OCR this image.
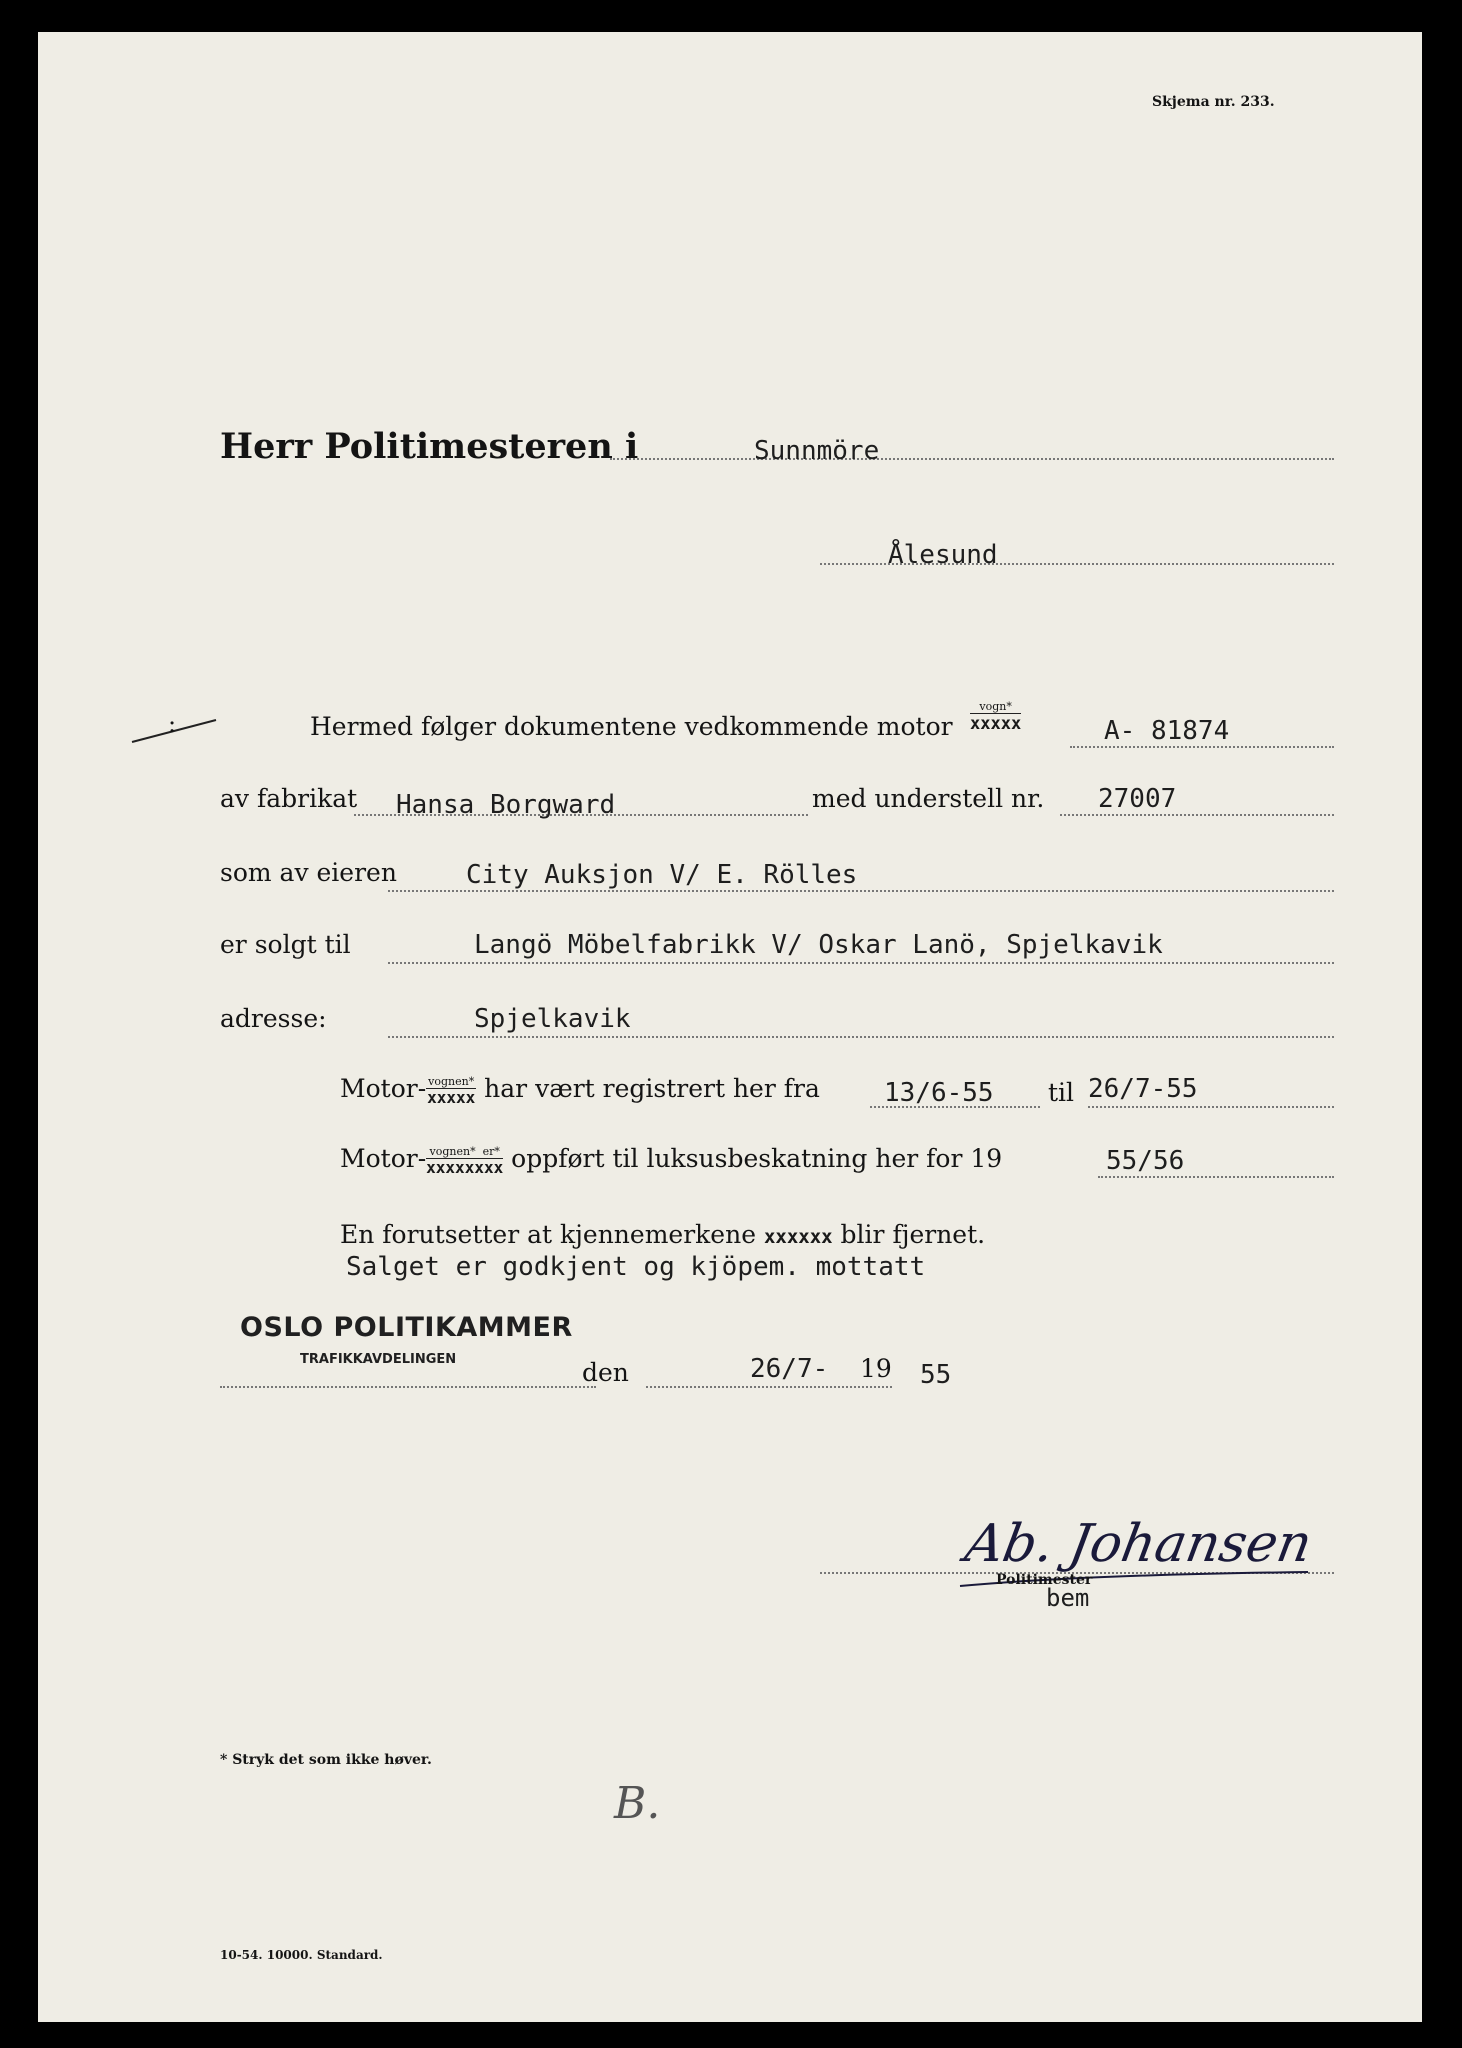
Skjema nr. 233.
Herr Politimesteren i	Sunnmöre
Ålesund
:	Hermed følger dokumentene vedkommende motor
vogn*
xxxxx	A- 81874
av fabrikat Hansa Borgward	med understell nr. 27007
som av eieren	City Auksjon V/ E. Rölles
er solgt til	Langö Möbelfabrikk V/ Oskar Lanö, Spjelkavik
adresse:	Spjelkavik
Motor- $\frac{\text{vognen*}}{\text{xxxxx}}$ har vært registrert her fra 13/6-55 til 26/7-55
Motor- $\frac{\text{vognen* er*}}{\text{xxxxxxxx}}$ oppført til luksusbeskatning her for 19	55/56
En forutsetter at kjennemerkene xxxxxx blir fjernet.
Salget er godkjent og kjöpem. mottatt
OSLO POLITIKAMMER
TRAFIKKAVDELINGEN	den	26/7- 19 55
Ab. Johansen
Politimester
bem
* Stryk det som ikke høver.
B.
10-54. 10000. Standard.
